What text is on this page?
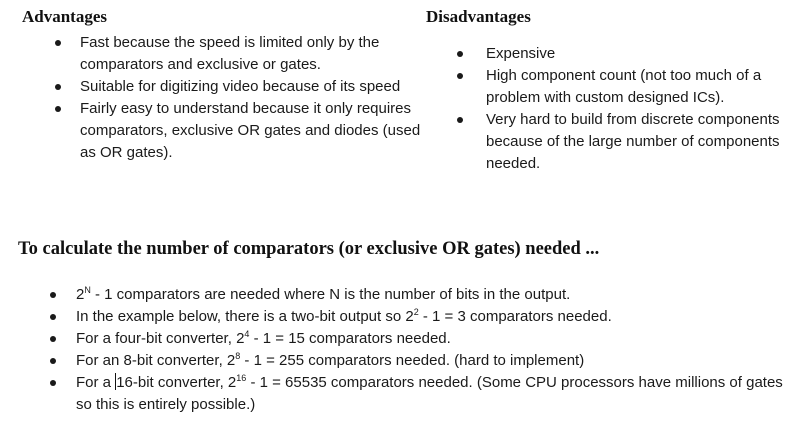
Advantages
Fast because the speed is limited only by the comparators and exclusive or gates.
Suitable for digitizing video because of its speed
Fairly easy to understand because it only requires comparators, exclusive OR gates and diodes (used as OR gates).
Disadvantages
Expensive
High component count (not too much of a problem with custom designed ICs).
Very hard to build from discrete components because of the large number of components needed.
To calculate the number of comparators (or exclusive OR gates) needed ...
$2^N - 1$ comparators are needed where N is the number of bits in the output.
In the example below, there is a two-bit output so $2^2 - 1 = 3$ comparators needed.
For a four-bit converter, $2^4 - 1 = 15$ comparators needed.
For an 8-bit converter, $2^8 - 1 = 255$ comparators needed. (hard to implement)
For a 16-bit converter, $2^{16} - 1 = 65535$ comparators needed. (Some CPU processors have millions of gates so this is entirely possible.)
